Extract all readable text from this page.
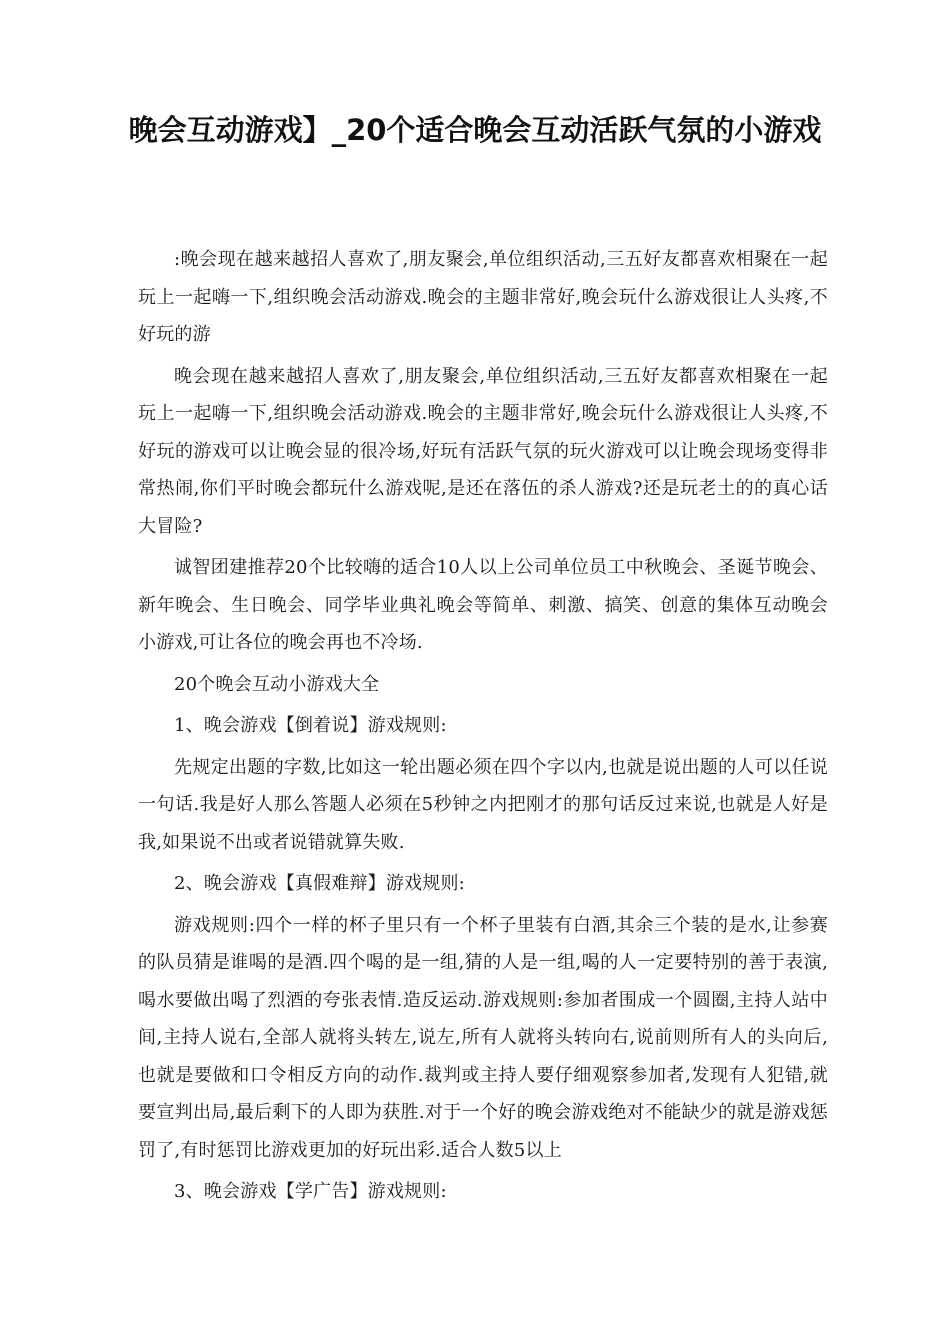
晚会互动游戏】_20个适合晚会互动活跃气氛的小游戏

:晚会现在越来越招人喜欢了,朋友聚会,单位组织活动,三五好友都喜欢相聚在一起玩上一起嗨一下,组织晚会活动游戏.晚会的主题非常好,晚会玩什么游戏很让人头疼,不好玩的游

晚会现在越来越招人喜欢了,朋友聚会,单位组织活动,三五好友都喜欢相聚在一起玩上一起嗨一下,组织晚会活动游戏.晚会的主题非常好,晚会玩什么游戏很让人头疼,不好玩的游戏可以让晚会显的很冷场,好玩有活跃气氛的玩火游戏可以让晚会现场变得非常热闹,你们平时晚会都玩什么游戏呢,是还在落伍的杀人游戏?还是玩老土的的真心话大冒险?

诚智团建推荐20个比较嗨的适合10人以上公司单位员工中秋晚会、圣诞节晚会、新年晚会、生日晚会、同学毕业典礼晚会等简单、刺激、搞笑、创意的集体互动晚会小游戏,可让各位的晚会再也不冷场.

20个晚会互动小游戏大全

1、晚会游戏【倒着说】游戏规则:

先规定出题的字数,比如这一轮出题必须在四个字以内,也就是说出题的人可以任说一句话.我是好人那么答题人必须在5秒钟之内把刚才的那句话反过来说,也就是人好是我,如果说不出或者说错就算失败.

2、晚会游戏【真假难辩】游戏规则:

游戏规则:四个一样的杯子里只有一个杯子里装有白酒,其余三个装的是水,让参赛的队员猜是谁喝的是酒.四个喝的是一组,猜的人是一组,喝的人一定要特别的善于表演,喝水要做出喝了烈酒的夸张表情.造反运动.游戏规则:参加者围成一个圆圈,主持人站中间,主持人说右,全部人就将头转左,说左,所有人就将头转向右,说前则所有人的头向后,也就是要做和口令相反方向的动作.裁判或主持人要仔细观察参加者,发现有人犯错,就要宣判出局,最后剩下的人即为获胜.对于一个好的晚会游戏绝对不能缺少的就是游戏惩罚了,有时惩罚比游戏更加的好玩出彩.适合人数5以上

3、晚会游戏【学广告】游戏规则:
